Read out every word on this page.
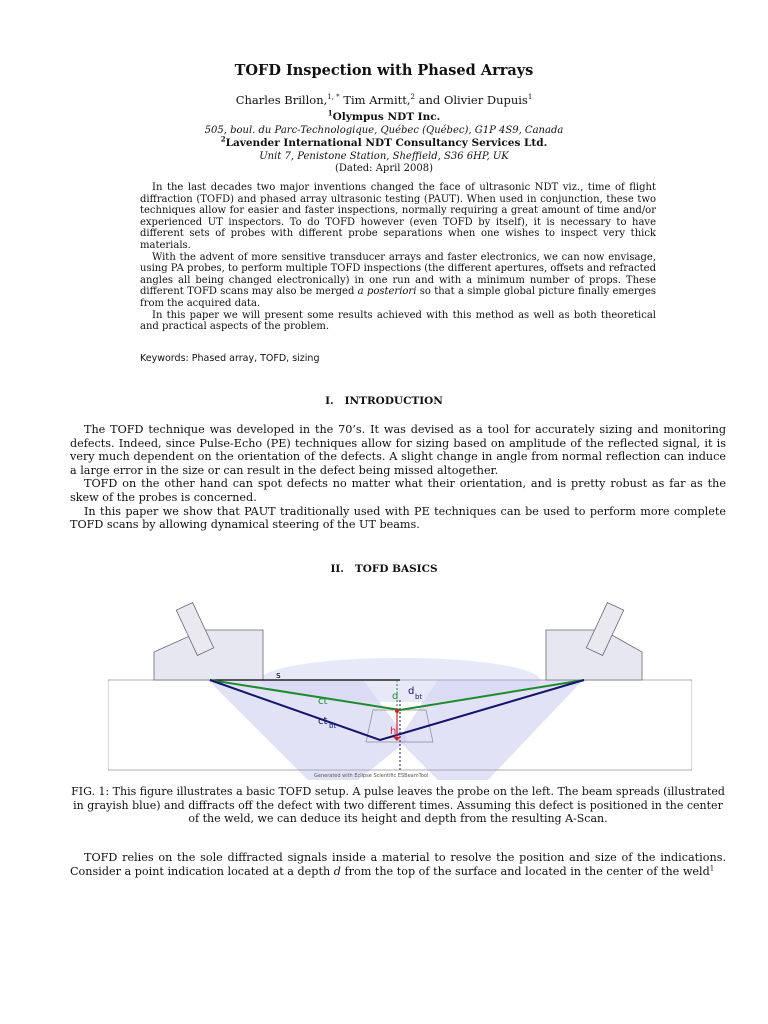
TOFD Inspection with Phased Arrays
Charles Brillon,$^{1, *}$ Tim Armitt,$^2$ and Olivier Dupuis$^1$
$^1$Olympus NDT Inc.
505, boul. du Parc-Technologique, Québec (Québec), G1P 4S9, Canada
$^2$Lavender International NDT Consultancy Services Ltd.
Unit 7, Penistone Station, Sheffield, S36 6HP, UK
(Dated: April 2008)

In the last decades two major inventions changed the face of ultrasonic NDT viz., time of flight diffraction (TOFD) and phased array ultrasonic testing (PAUT). When used in conjunction, these two techniques allow for easier and faster inspections, normally requiring a great amount of time and/or experienced UT inspectors. To do TOFD however (even TOFD by itself), it is necessary to have different sets of probes with different probe separations when one wishes to inspect very thick materials.

With the advent of more sensitive transducer arrays and faster electronics, we can now envisage, using PA probes, to perform multiple TOFD inspections (the different apertures, offsets and refracted angles all being changed electronically) in one run and with a minimum number of props. These different TOFD scans may also be merged a posteriori so that a simple global picture finally emerges from the acquired data.

In this paper we will present some results achieved with this method as well as both theoretical and practical aspects of the problem.

Keywords: Phased array, TOFD, sizing
I. INTRODUCTION

The TOFD technique was developed in the 70’s. It was devised as a tool for accurately sizing and monitoring defects. Indeed, since Pulse-Echo (PE) techniques allow for sizing based on amplitude of the reflected signal, it is very much dependent on the orientation of the defects. A slight change in angle from normal reflection can induce a large error in the size or can result in the defect being missed altogether.

TOFD on the other hand can spot defects no matter what their orientation, and is pretty robust as far as the skew of the probes is concerned.

In this paper we show that PAUT traditionally used with PE techniques can be used to perform more complete TOFD scans by allowing dynamical steering of the UT beams.

II. TOFD BASICS
s
d d bt
ct
ct bt	h
Generated with Eclipse Scientific ESBeamTool
FIG. 1: This figure illustrates a basic TOFD setup. A pulse leaves the probe on the left. The beam spreads (illustrated in grayish blue) and diffracts off the defect with two different times. Assuming this defect is positioned in the center of the weld, we can deduce its height and depth from the resulting A-Scan.

TOFD relies on the sole diffracted signals inside a material to resolve the position and size of the indications. Consider a point indication located at a depth d from the top of the surface and located in the center of the weld$^1$
